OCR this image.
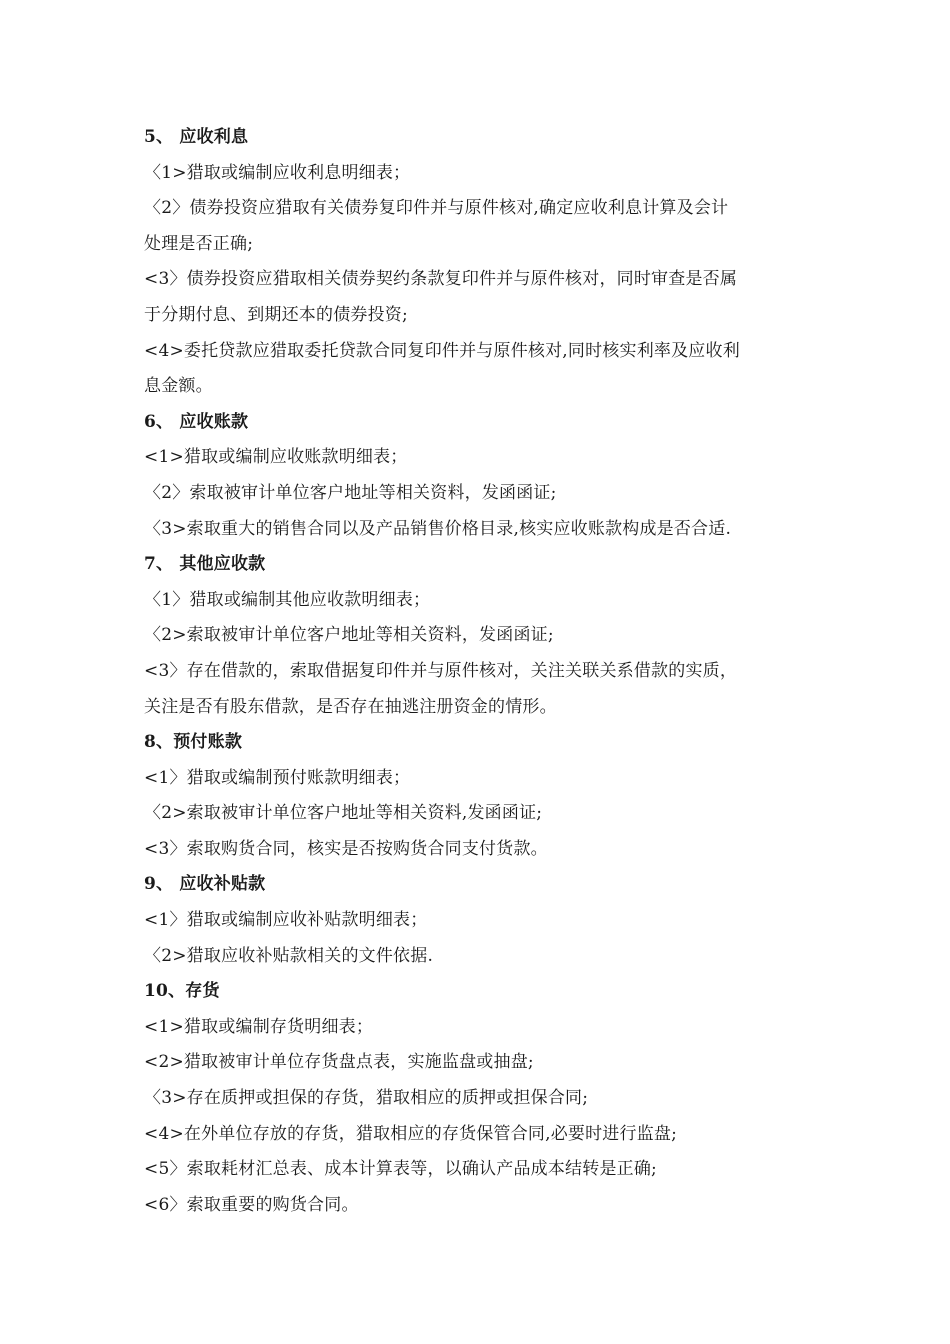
5、 应收利息
〈1>猎取或编制应收利息明细表；
〈2〉债券投资应猎取有关债券复印件并与原件核对,确定应收利息计算及会计
处理是否正确;
<3〉债券投资应猎取相关债券契约条款复印件并与原件核对，同时审查是否属
于分期付息、到期还本的债券投资;
<4>委托贷款应猎取委托贷款合同复印件并与原件核对,同时核实利率及应收利
息金额。
6、 应收账款
<1>猎取或编制应收账款明细表；
〈2〉索取被审计单位客户地址等相关资料，发函函证;
〈3>索取重大的销售合同以及产品销售价格目录,核实应收账款构成是否合适.
7、 其他应收款
〈1〉猎取或编制其他应收款明细表；
〈2>索取被审计单位客户地址等相关资料，发函函证;
<3〉存在借款的，索取借据复印件并与原件核对，关注关联关系借款的实质，
关注是否有股东借款，是否存在抽逃注册资金的情形。
8、预付账款
<1〉猎取或编制预付账款明细表；
〈2>索取被审计单位客户地址等相关资料,发函函证;
<3〉索取购货合同，核实是否按购货合同支付货款。
9、 应收补贴款
<1〉猎取或编制应收补贴款明细表；
〈2>猎取应收补贴款相关的文件依据.
10、存货
<1>猎取或编制存货明细表；
<2>猎取被审计单位存货盘点表，实施监盘或抽盘;
〈3>存在质押或担保的存货，猎取相应的质押或担保合同;
<4>在外单位存放的存货，猎取相应的存货保管合同,必要时进行监盘;
<5〉索取耗材汇总表、成本计算表等，以确认产品成本结转是正确;
<6〉索取重要的购货合同。
